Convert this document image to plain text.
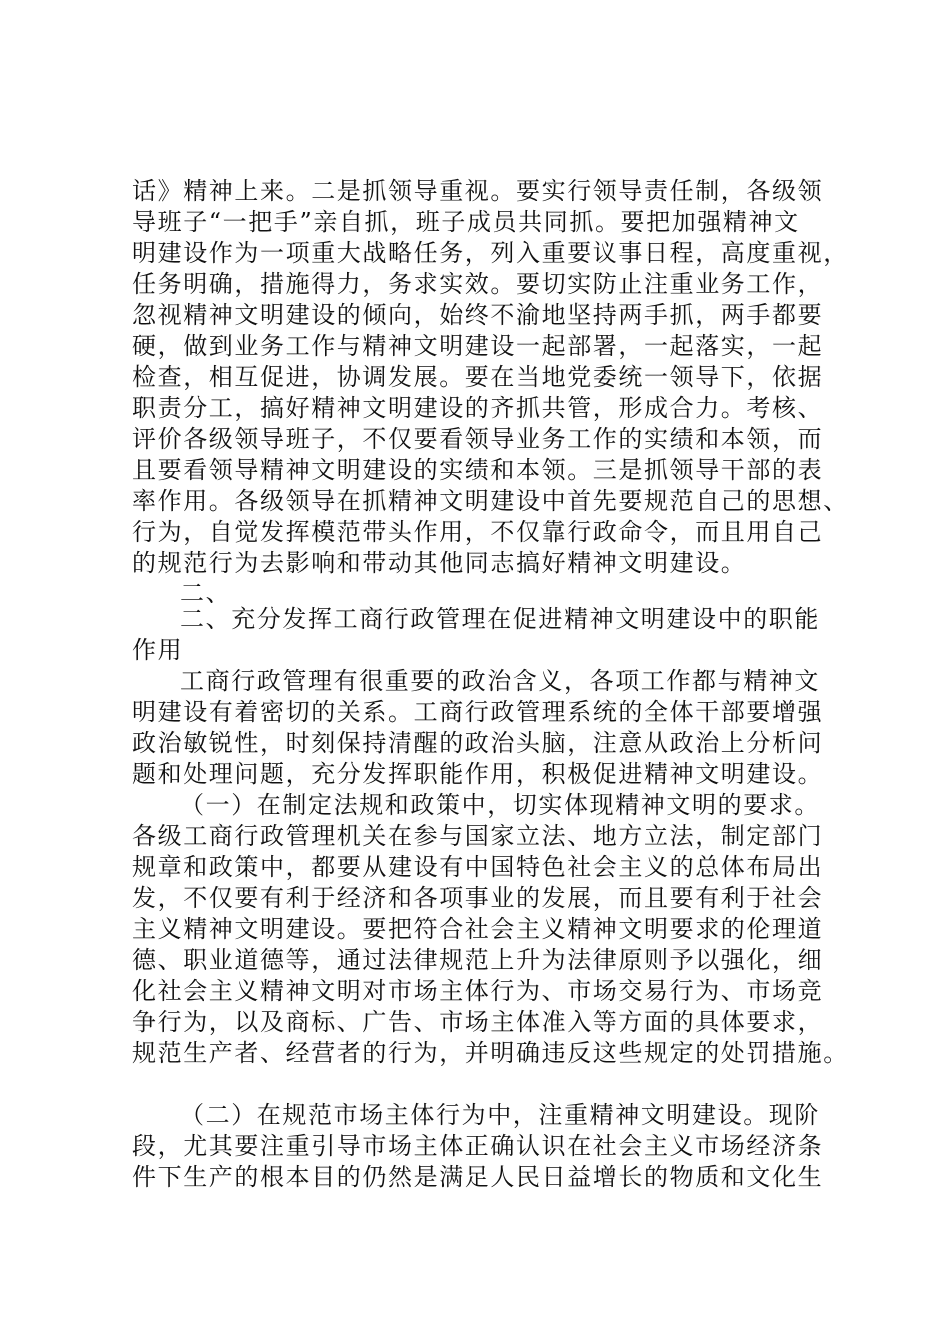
话》精神上来。二是抓领导重视。要实行领导责任制，各级领
导班子“一把手”亲自抓，班子成员共同抓。要把加强精神文
明建设作为一项重大战略任务，列入重要议事日程，高度重视，
任务明确，措施得力，务求实效。要切实防止注重业务工作，
忽视精神文明建设的倾向，始终不渝地坚持两手抓，两手都要
硬，做到业务工作与精神文明建设一起部署，一起落实，一起
检查，相互促进，协调发展。要在当地党委统一领导下，依据
职责分工，搞好精神文明建设的齐抓共管，形成合力。考核、
评价各级领导班子，不仅要看领导业务工作的实绩和本领，而
且要看领导精神文明建设的实绩和本领。三是抓领导干部的表
率作用。各级领导在抓精神文明建设中首先要规范自己的思想、
行为，自觉发挥模范带头作用，不仅靠行政命令，而且用自己
的规范行为去影响和带动其他同志搞好精神文明建设。
二、
二、充分发挥工商行政管理在促进精神文明建设中的职能
作用
工商行政管理有很重要的政治含义，各项工作都与精神文
明建设有着密切的关系。工商行政管理系统的全体干部要增强
政治敏锐性，时刻保持清醒的政治头脑，注意从政治上分析问
题和处理问题，充分发挥职能作用，积极促进精神文明建设。
（一）在制定法规和政策中，切实体现精神文明的要求。
各级工商行政管理机关在参与国家立法、地方立法，制定部门
规章和政策中，都要从建设有中国特色社会主义的总体布局出
发，不仅要有利于经济和各项事业的发展，而且要有利于社会
主义精神文明建设。要把符合社会主义精神文明要求的伦理道
德、职业道德等，通过法律规范上升为法律原则予以强化，细
化社会主义精神文明对市场主体行为、市场交易行为、市场竞
争行为，以及商标、广告、市场主体准入等方面的具体要求，
规范生产者、经营者的行为，并明确违反这些规定的处罚措施。
（二）在规范市场主体行为中，注重精神文明建设。现阶
段，尤其要注重引导市场主体正确认识在社会主义市场经济条
件下生产的根本目的仍然是满足人民日益增长的物质和文化生
